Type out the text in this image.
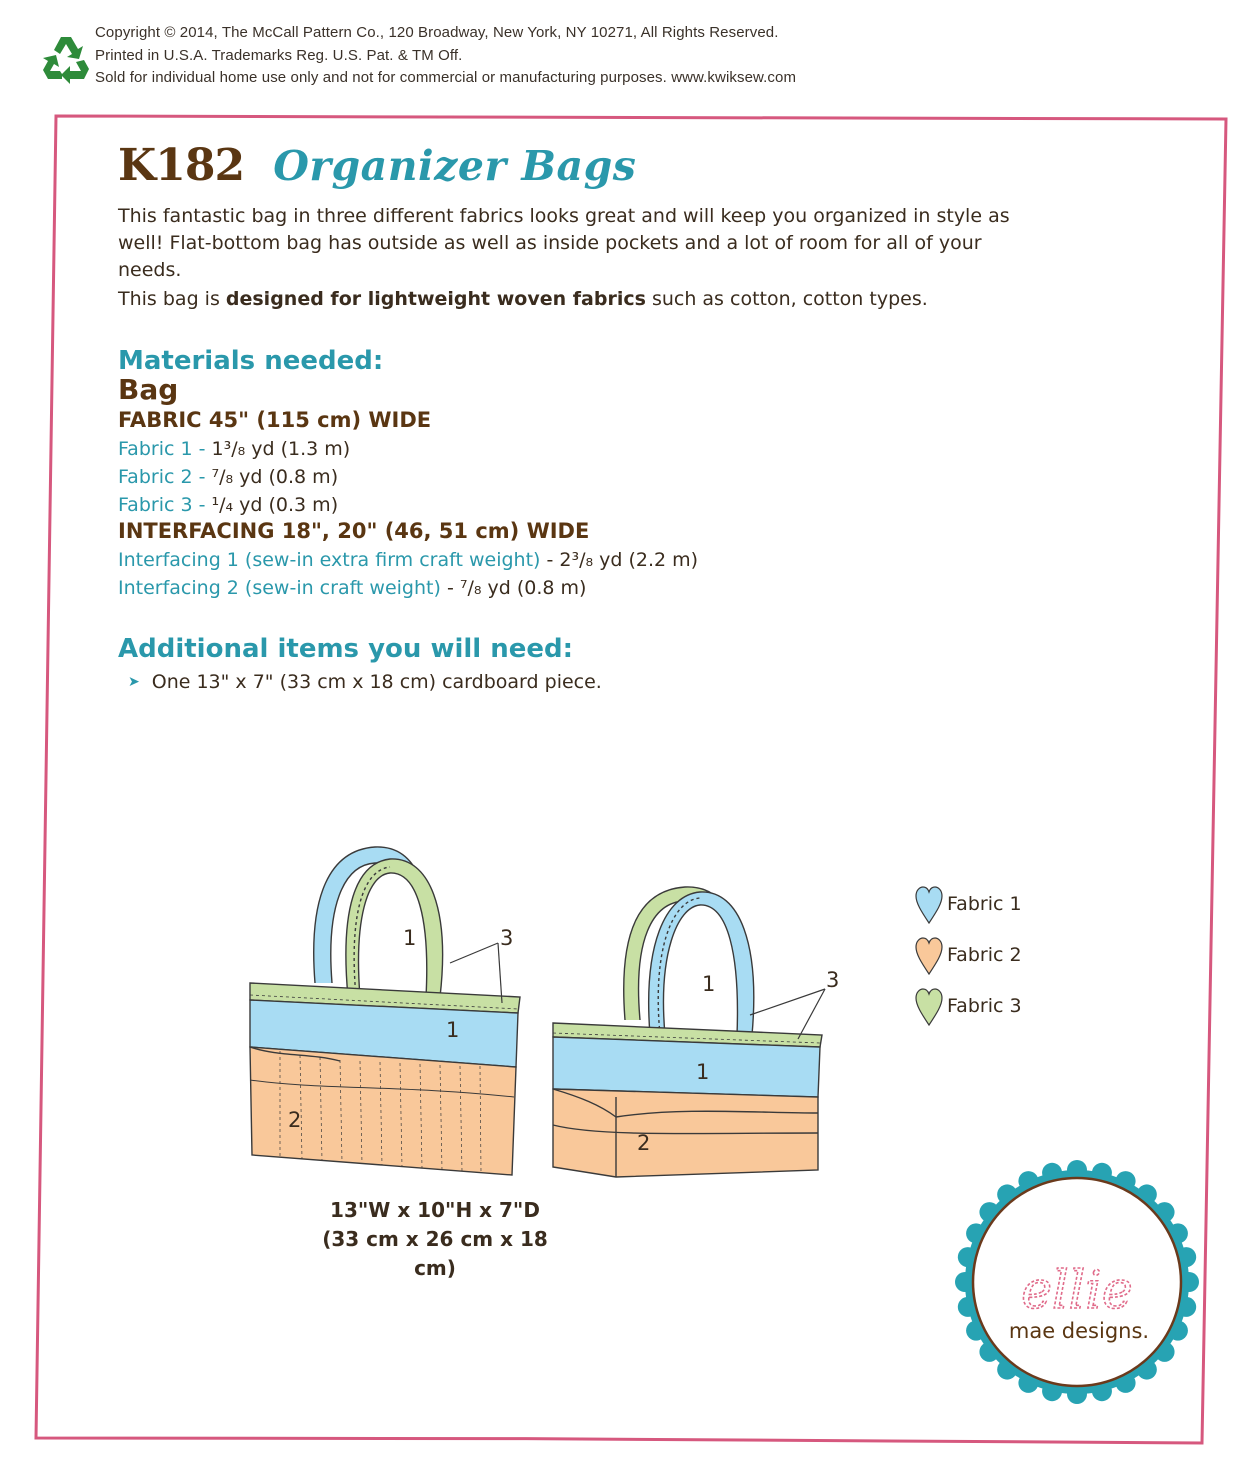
Copyright © 2014, The McCall Pattern Co., 120 Broadway, New York, NY 10271, All Rights Reserved.
Printed in U.S.A. Trademarks Reg. U.S. Pat. & TM Off.
Sold for individual home use only and not for commercial or manufacturing purposes. www.kwiksew.com
K182 Organizer Bags
This fantastic bag in three different fabrics looks great and will keep you organized in style as well! Flat-bottom bag has outside as well as inside pockets and a lot of room for all of your needs.
This bag is designed for lightweight woven fabrics such as cotton, cotton types.
Materials needed:
Bag
FABRIC 45" (115 cm) WIDE
Fabric 1 - 1³/₈ yd (1.3 m)
Fabric 2 - ⁷/₈ yd (0.8 m)
Fabric 3 - ¹/₄ yd (0.3 m)
INTERFACING 18", 20" (46, 51 cm) WIDE
Interfacing 1 (sew-in extra firm craft weight) - 2³/₈ yd (2.2 m)
Interfacing 2 (sew-in craft weight) - ⁷/₈ yd (0.8 m)
Additional items you will need:
➤ One 13" x 7" (33 cm x 18 cm) cardboard piece.
1	3
1
2
1	3
1
2
13"W x 10"H x 7"D
(33 cm x 26 cm x 18 cm)
Fabric 1
Fabric 2
Fabric 3
ellie
mae designs.
